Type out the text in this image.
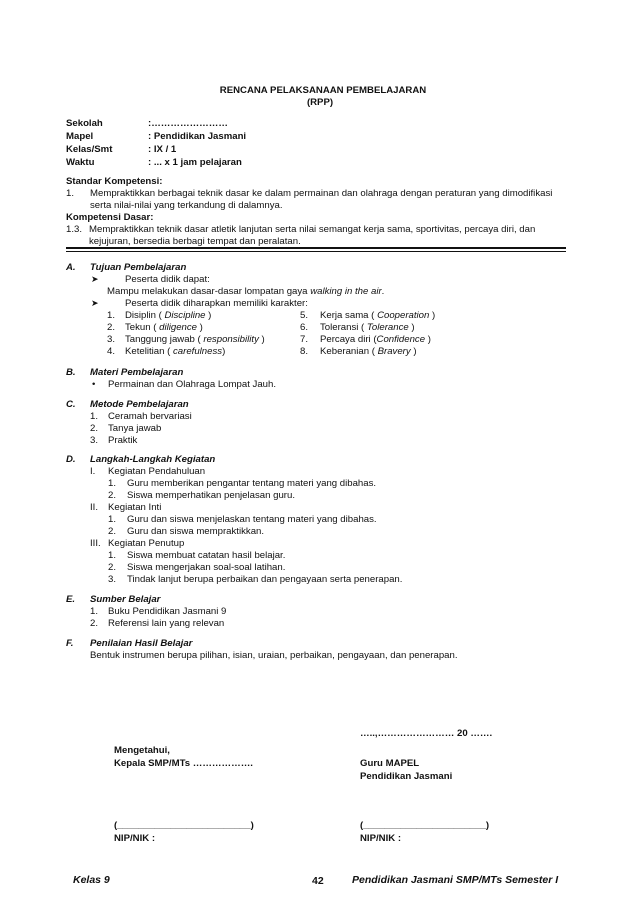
RENCANA PELAKSANAAN PEMBELAJARAN
(RPP)
Sekolah	:……………………
Mapel	: Pendidikan Jasmani
Kelas/Smt	: IX / 1
Waktu	: ... x 1 jam pelajaran
Standar Kompetensi:
1. Mempraktikkan berbagai teknik dasar ke dalam permainan dan olahraga dengan peraturan yang dimodifikasi
serta nilai-nilai yang terkandung di dalamnya.
Kompetensi Dasar:
1.3. Mempraktikkan teknik dasar atletik lanjutan serta nilai semangat kerja sama, sportivitas, percaya diri, dan
kejujuran, bersedia berbagi tempat dan peralatan.
A. Tujuan Pembelajaran
➤	Peserta didik dapat:
Mampu melakukan dasar-dasar lompatan gaya walking in the air.
➤	Peserta didik diharapkan memiliki karakter:
1. Disiplin ( Discipline )
2. Tekun ( diligence )
3. Tanggung jawab ( responsibility )
4. Ketelitian ( carefulness)
5. Kerja sama ( Cooperation )
6. Toleransi ( Tolerance )
7. Percaya diri (Confidence )
8. Keberanian ( Bravery )
B. Materi Pembelajaran
• Permainan dan Olahraga Lompat Jauh.
C. Metode Pembelajaran
1. Ceramah bervariasi
2. Tanya jawab
3. Praktik
D. Langkah-Langkah Kegiatan
I. Kegiatan Pendahuluan
1. Guru memberikan pengantar tentang materi yang dibahas.
2. Siswa memperhatikan penjelasan guru.
II. Kegiatan Inti
1. Guru dan siswa menjelaskan tentang materi yang dibahas.
2. Guru dan siswa mempraktikkan.
III. Kegiatan Penutup
1. Siswa membuat catatan hasil belajar.
2. Siswa mengerjakan soal-soal latihan.
3. Tindak lanjut berupa perbaikan dan pengayaan serta penerapan.
E. Sumber Belajar
1. Buku Pendidikan Jasmani 9
2. Referensi lain yang relevan
F. Penilaian Hasil Belajar
Bentuk instrumen berupa pilihan, isian, uraian, perbaikan, pengayaan, dan penerapan.
…..,…………………… 20 …….
Mengetahui,
Kepala SMP/MTs ……………….	Guru MAPEL
Pendidikan Jasmani
(_________________________)	(_______________________)
NIP/NIK :	NIP/NIK :
Kelas 9	42	Pendidikan Jasmani SMP/MTs Semester I
